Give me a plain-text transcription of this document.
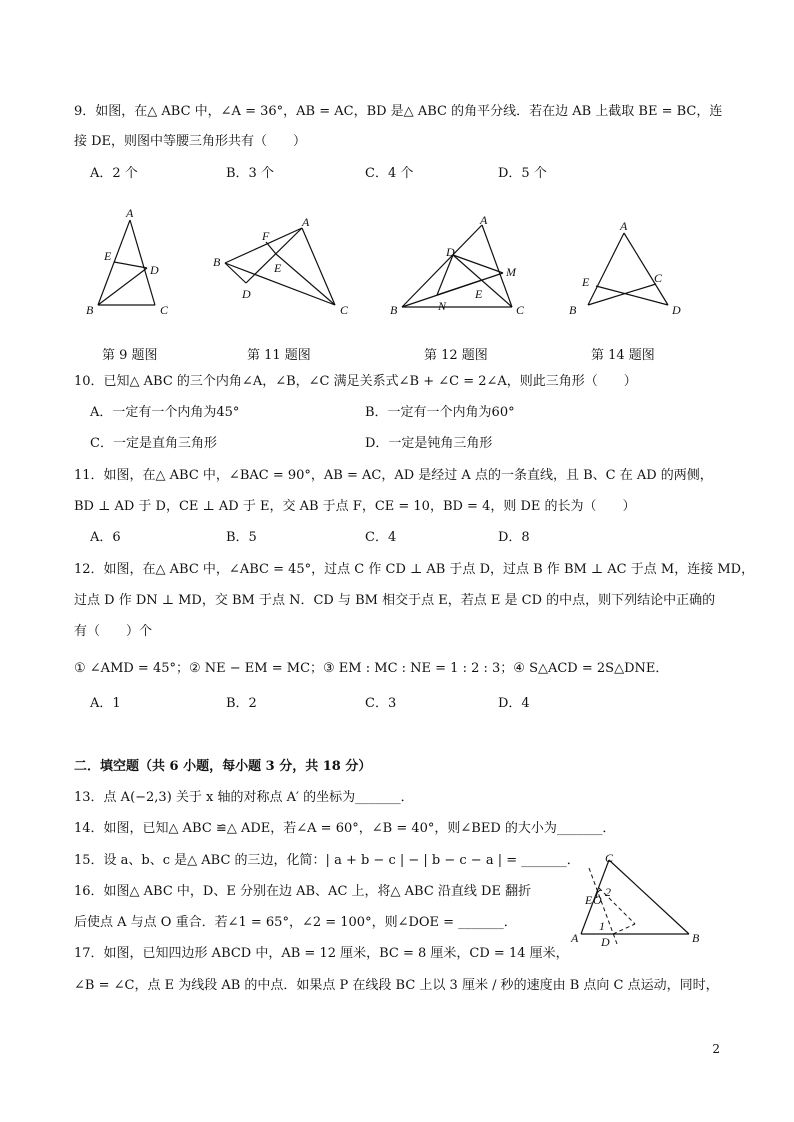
9．如图，在△ ABC 中，∠A = 36°，AB = AC，BD 是△ ABC 的角平分线．若在边 AB 上截取 BE = BC，连
接 DE，则图中等腰三角形共有（　　）
A．2 个	B．3 个	C．4 个	D．5 个
A
E
D
B	C
A
F
B	E
D
C
A
D
M
E
N
B	C
A
E	C
B	D
第 9 题图	第 11 题图	第 12 题图	第 14 题图
10．已知△ ABC 的三个内角∠A，∠B，∠C 满足关系式∠B + ∠C = 2∠A，则此三角形（　　）
A．一定有一个内角为45°	B．一定有一个内角为60°
C．一定是直角三角形	D．一定是钝角三角形
11．如图，在△ ABC 中，∠BAC = 90°，AB = AC，AD 是经过 A 点的一条直线，且 B、C 在 AD 的两侧，
BD ⊥ AD 于 D，CE ⊥ AD 于 E，交 AB 于点 F，CE = 10，BD = 4，则 DE 的长为（　　）
A．6	B．5	C．4	D．8
12．如图，在△ ABC 中，∠ABC = 45°，过点 C 作 CD ⊥ AB 于点 D，过点 B 作 BM ⊥ AC 于点 M，连接 MD，
过点 D 作 DN ⊥ MD，交 BM 于点 N．CD 与 BM 相交于点 E，若点 E 是 CD 的中点，则下列结论中正确的
有（　　）个
① ∠AMD = 45°；② NE − EM = MC；③ EM : MC : NE = 1 : 2 : 3；④ S△ACD = 2S△DNE．
A．1	B．2	C．3	D．4
二．填空题（共 6 小题，每小题 3 分，共 18 分）
13．点 A(−2,3) 关于 x 轴的对称点 A′ 的坐标为_______．
14．如图，已知△ ABC ≌△ ADE，若∠A = 60°，∠B = 40°，则∠BED 的大小为_______．
15．设 a、b、c 是△ ABC 的三边，化简：| a + b − c | − | b − c − a | = _______．
16．如图△ ABC 中，D、E 分别在边 AB、AC 上，将△ ABC 沿直线 DE 翻折
后使点 A 与点 O 重合．若∠1 = 65°，∠2 = 100°，则∠DOE = _______．
17．如图，已知四边形 ABCD 中，AB = 12 厘米，BC = 8 厘米，CD = 14 厘米，
∠B = ∠C，点 E 为线段 AB 的中点．如果点 P 在线段 BC 上以 3 厘米 / 秒的速度由 B 点向 C 点运动，同时，
C
E O
2
1
A D	B
2
